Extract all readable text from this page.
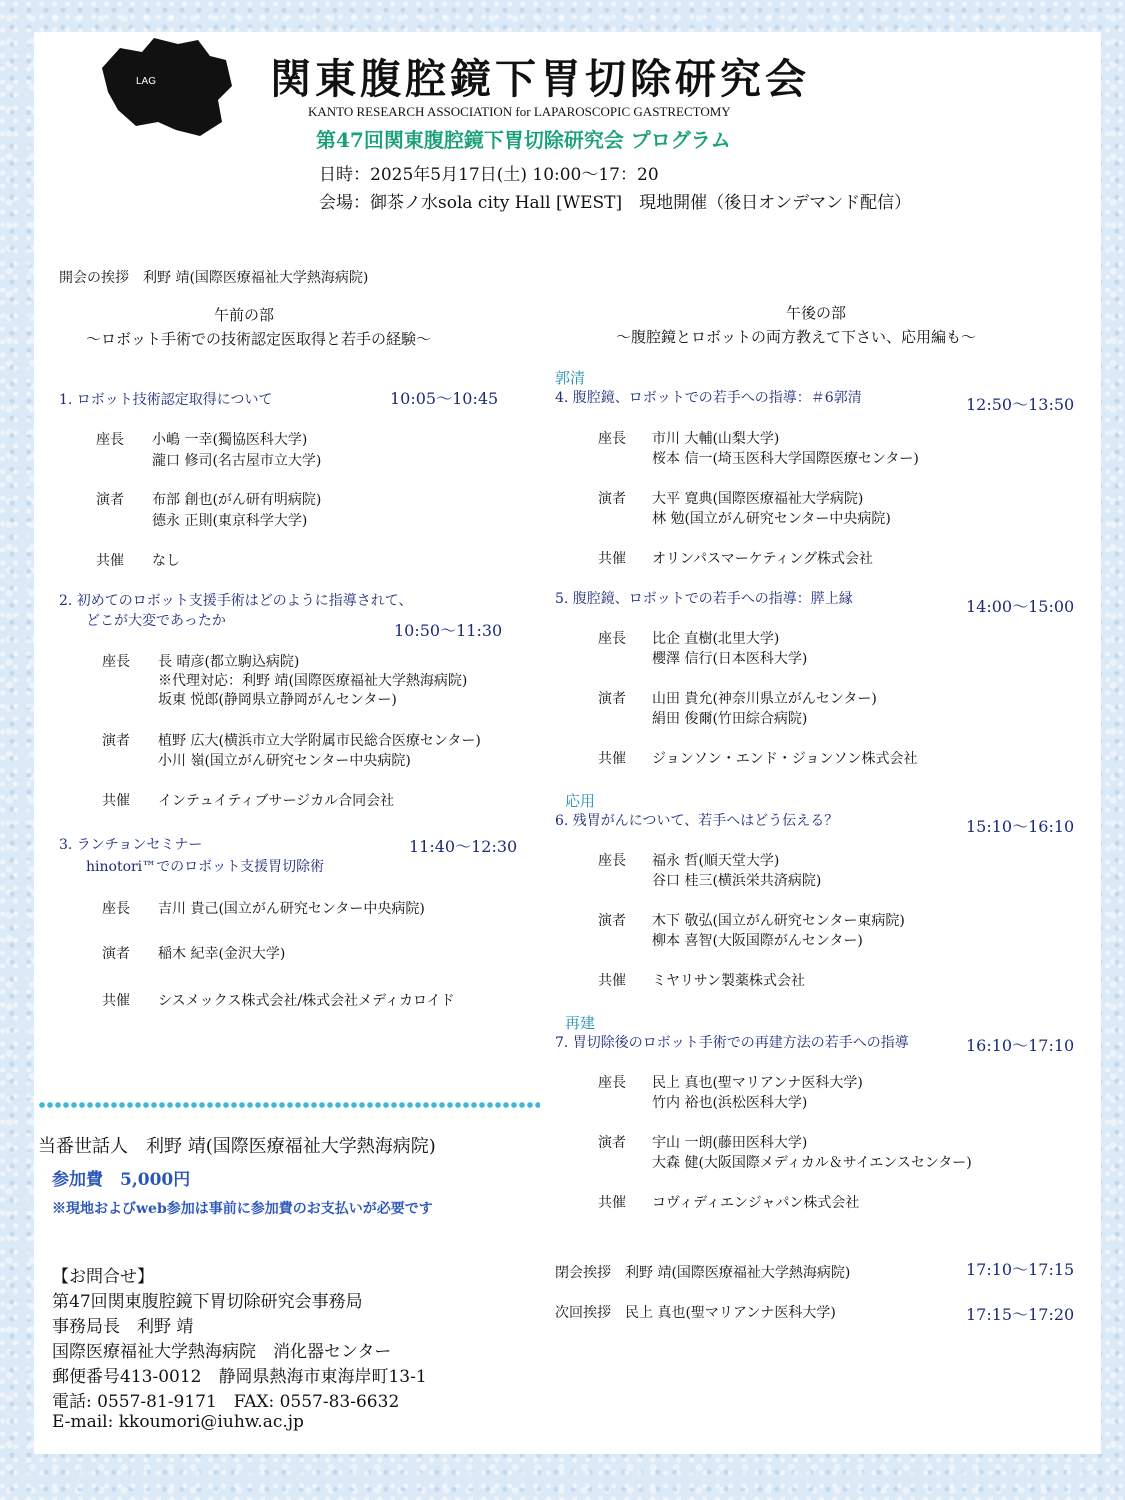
LAG	関東腹腔鏡下胃切除研究会
KANTO RESEARCH ASSOCIATION for LAPAROSCOPIC GASTRECTOMY
第47回関東腹腔鏡下胃切除研究会 プログラム
日時：2025年5月17日(土) 10:00～17：20
会場：御茶ノ水sola city Hall [WEST]　現地開催（後日オンデマンド配信）
開会の挨拶　利野 靖(国際医療福祉大学熱海病院)
午前の部
～ロボット手術での技術認定医取得と若手の経験～
午後の部
～腹腔鏡とロボットの両方教えて下さい、応用編も～
1. ロボット技術認定取得について	10:05～10:45
座長 小嶋 一幸(獨協医科大学)
瀧口 修司(名古屋市立大学)
演者 布部 創也(がん研有明病院)
德永 正則(東京科学大学)
共催 なし
2. 初めてのロボット支援手術はどのように指導されて、
どこが大変であったか	10:50～11:30
座長 長 晴彦(都立駒込病院)
※代理対応：利野 靖(国際医療福祉大学熱海病院)
坂東 悦郎(静岡県立静岡がんセンター)
演者 植野 広大(横浜市立大学附属市民総合医療センター)
小川 嶺(国立がん研究センター中央病院)
共催 インテュイティブサージカル合同会社
3. ランチョンセミナー	11:40～12:30
hinotori™でのロボット支援胃切除術
座長 吉川 貴己(国立がん研究センター中央病院)
演者 稲木 紀幸(金沢大学)
共催 シスメックス株式会社/株式会社メディカロイド
郭清
4. 腹腔鏡、ロボットでの若手への指導：＃6郭清	12:50～13:50
座長 市川 大輔(山梨大学)
桜本 信一(埼玉医科大学国際医療センター)
演者 大平 寛典(国際医療福祉大学病院)
林 勉(国立がん研究センター中央病院)
共催 オリンパスマーケティング株式会社
5. 腹腔鏡、ロボットでの若手への指導：膵上縁	14:00～15:00
座長 比企 直樹(北里大学)
櫻澤 信行(日本医科大学)
演者 山田 貴允(神奈川県立がんセンター)
絹田 俊爾(竹田綜合病院)
共催 ジョンソン・エンド・ジョンソン株式会社
応用
6. 残胃がんについて、若手へはどう伝える？	15:10～16:10
座長 福永 哲(順天堂大学)
谷口 桂三(横浜栄共済病院)
演者 木下 敬弘(国立がん研究センター東病院)
柳本 喜智(大阪国際がんセンター)
共催 ミヤリサン製薬株式会社
再建
7. 胃切除後のロボット手術での再建方法の若手への指導	16:10～17:10
座長 民上 真也(聖マリアンナ医科大学)
竹内 裕也(浜松医科大学)
演者 宇山 一朗(藤田医科大学)
大森 健(大阪国際メディカル＆サイエンスセンター)
共催 コヴィディエンジャパン株式会社
閉会挨拶　利野 靖(国際医療福祉大学熱海病院)	17:10～17:15
次回挨拶　民上 真也(聖マリアンナ医科大学)	17:15～17:20
当番世話人　利野 靖(国際医療福祉大学熱海病院)
参加費　5,000円
※現地およびweb参加は事前に参加費のお支払いが必要です
【お問合せ】
第47回関東腹腔鏡下胃切除研究会事務局
事務局長　利野 靖
国際医療福祉大学熱海病院　消化器センター
郵便番号413-0012　静岡県熱海市東海岸町13-1
電話: 0557-81-9171　FAX: 0557-83-6632
E-mail: kkoumori@iuhw.ac.jp
